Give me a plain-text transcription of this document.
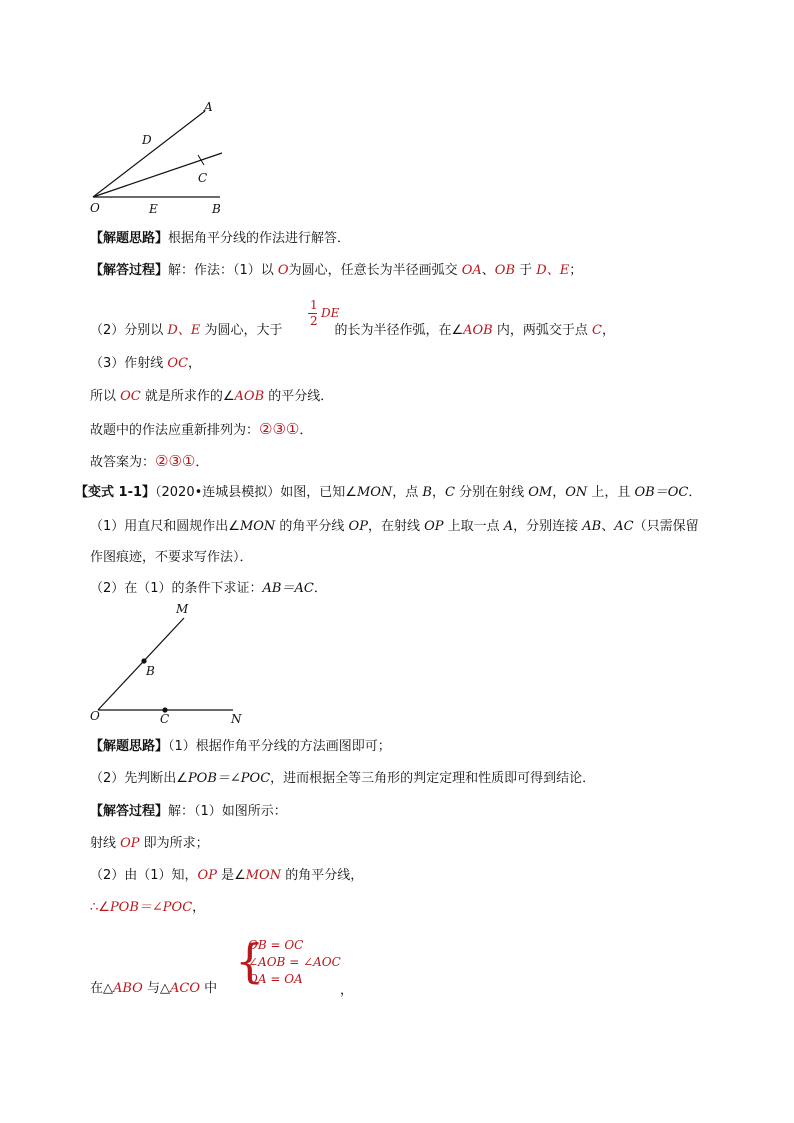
A
D
C
O	E	B
【解题思路】根据角平分线的作法进行解答．
【解答过程】解：作法：（1）以 O为圆心，任意长为半径画弧交 OA、OB 于 D、E；
（2）分别以 D、E 为圆心，大于	的长为半径作弧，在∠AOB 内，两弧交于点 C，
1
2
DE
（3）作射线 OC，
所以 OC 就是所求作的∠AOB 的平分线．
故题中的作法应重新排列为：②③①．
故答案为：②③①．
【变式 1-1】（2020•连城县模拟）如图，已知∠MON，点 B，C 分别在射线 OM，ON 上，且 OB＝OC．
（1）用直尺和圆规作出∠MON 的角平分线 OP，在射线 OP 上取一点 A，分别连接 AB、AC（只需保留
作图痕迹，不要求写作法）．
（2）在（1）的条件下求证：AB＝AC．
M
B
O	C	N
【解题思路】（1）根据作角平分线的方法画图即可；
（2）先判断出∠POB＝∠POC，进而根据全等三角形的判定定理和性质即可得到结论．
【解答过程】解：（1）如图所示：
射线 OP 即为所求；
（2）由（1）知，OP 是∠MON 的角平分线，
∴∠POB＝∠POC，
在△ABO 与△ACO 中
{
OB = OC
∠AOB = ∠AOC
OA = OA
，
